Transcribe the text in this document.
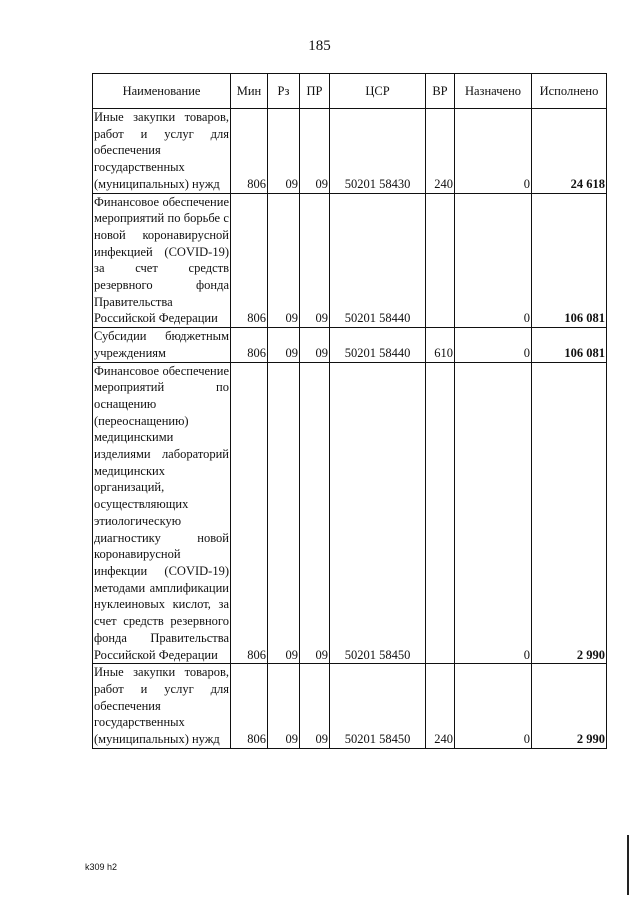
185
Наименование	Мин	Рз	ПР	ЦСР	ВР	Назначено	Исполнено
Иные закупки товаров, работ и услуг для обеспечения государственных (муниципальных) нужд	806	09	09	50201 58430	240	0	24 618
Финансовое обеспечение мероприятий по борьбе с новой коронавирусной инфекцией (COVID-19) за счет средств резервного фонда Правительства Российской Федерации	806	09	09	50201 58440		0	106 081
Субсидии бюджетным учреждениям	806	09	09	50201 58440	610	0	106 081
Финансовое обеспечение мероприятий по оснащению (переоснащению) медицинскими изделиями лабораторий медицинских организаций, осуществляющих этиологическую диагностику новой коронавирусной инфекции (COVID-19) методами амплификации нуклеиновых кислот, за счет средств резервного фонда Правительства Российской Федерации	806	09	09	50201 58450		0	2 990
Иные закупки товаров, работ и услуг для обеспечения государственных (муниципальных) нужд	806	09	09	50201 58450	240	0	2 990
k309 h2
